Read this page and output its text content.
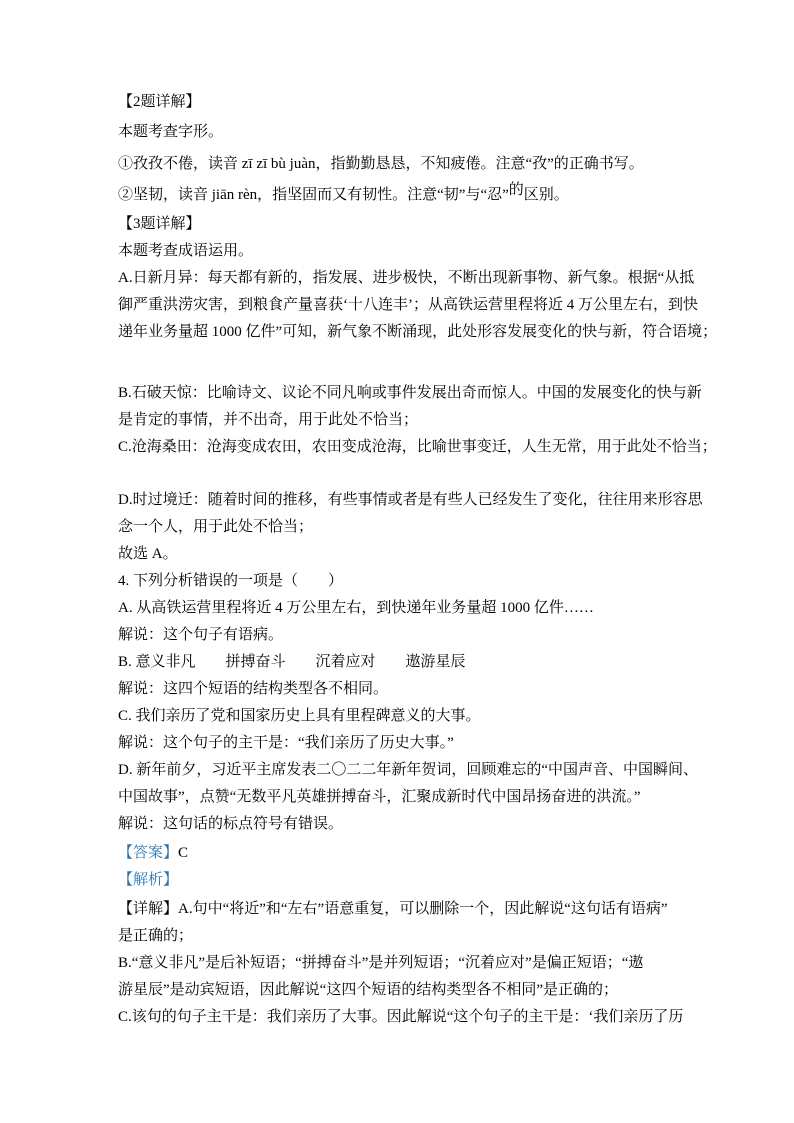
【2题详解】
本题考查字形。
①孜孜不倦，读音 zī zī bù juàn，指勤勤恳恳，不知疲倦。注意“孜”的正确书写。
②坚韧，读音 jiān rèn，指坚固而又有韧性。注意“韧”与“忍”的区别。
【3题详解】
本题考查成语运用。
A.日新月异：每天都有新的，指发展、进步极快，不断出现新事物、新气象。根据“从抵
御严重洪涝灾害，到粮食产量喜获‘十八连丰’；从高铁运营里程将近 4 万公里左右，到快
递年业务量超 1000 亿件”可知，新气象不断涌现，此处形容发展变化的快与新，符合语境；
B.石破天惊：比喻诗文、议论不同凡响或事件发展出奇而惊人。中国的发展变化的快与新
是肯定的事情，并不出奇，用于此处不恰当；
C.沧海桑田：沧海变成农田，农田变成沧海，比喻世事变迁，人生无常，用于此处不恰当；
D.时过境迁：随着时间的推移，有些事情或者是有些人已经发生了变化，往往用来形容思
念一个人，用于此处不恰当；
故选 A。
4. 下列分析错误的一项是（　　）
A. 从高铁运营里程将近 4 万公里左右，到快递年业务量超 1000 亿件……
解说：这个句子有语病。
B. 意义非凡　　拼搏奋斗　　沉着应对　　遨游星辰
解说：这四个短语的结构类型各不相同。
C. 我们亲历了党和国家历史上具有里程碑意义的大事。
解说：这个句子的主干是：“我们亲历了历史大事。”
D. 新年前夕，习近平主席发表二〇二二年新年贺词，回顾难忘的“中国声音、中国瞬间、
中国故事”，点赞“无数平凡英雄拼搏奋斗，汇聚成新时代中国昂扬奋进的洪流。”
解说：这句话的标点符号有错误。
【答案】C
【解析】
【详解】A.句中“将近”和“左右”语意重复，可以删除一个，因此解说“这句话有语病”
是正确的；
B.“意义非凡”是后补短语；“拼搏奋斗”是并列短语；“沉着应对”是偏正短语；“遨
游星辰”是动宾短语，因此解说“这四个短语的结构类型各不相同”是正确的；
C.该句的句子主干是：我们亲历了大事。因此解说“这个句子的主干是：‘我们亲历了历
